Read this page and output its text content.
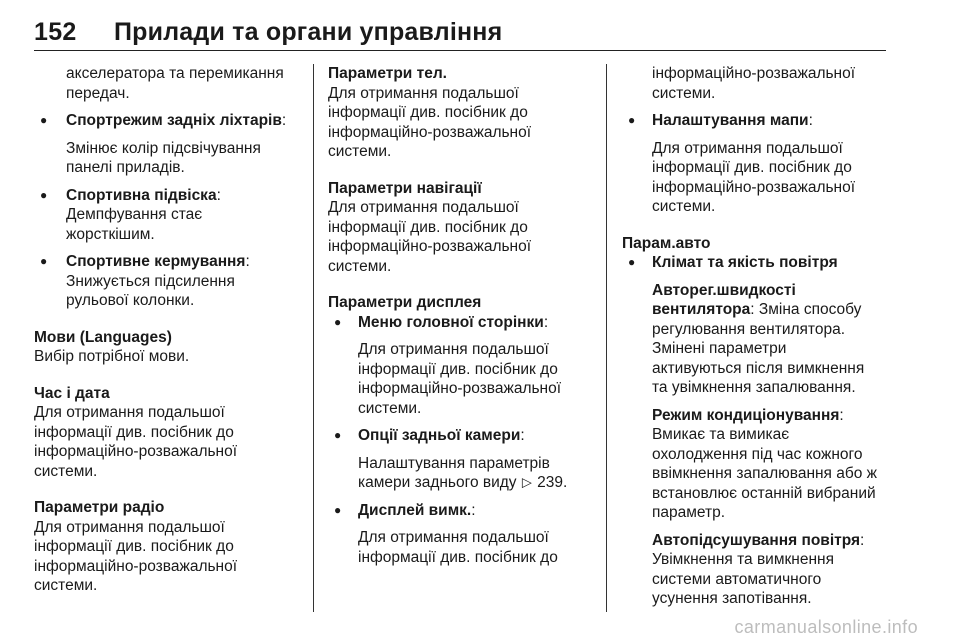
152 Прилади та органи управління

акселератора та перемикання

передач.

● Спортрежим задніх ліхтарів:

Змінює колір підсвічування

панелі приладів.

● Спортивна підвіска:

Демпфування стає

жорсткішим.

● Спортивне кермування:

Знижується підсилення

рульової колонки.

Мови (Languages)

Вибір потрібної мови.

Час і дата

Для отримання подальшої

інформації див. посібник до

інформаційно-розважальної

системи.

Параметри радіо

Для отримання подальшої

інформації див. посібник до

інформаційно-розважальної

системи.

Параметри тел.

Для отримання подальшої

інформації див. посібник до

інформаційно-розважальної

системи.

Параметри навігації

Для отримання подальшої

інформації див. посібник до

інформаційно-розважальної

системи.

Параметри дисплея

● Меню головної сторінки:

Для отримання подальшої

інформації див. посібник до

інформаційно-розважальної

системи.

● Опції задньої камери:

Налаштування параметрів

камери заднього виду ▷ 239.

● Дисплей вимк.:

Для отримання подальшої

інформації див. посібник до

інформаційно-розважальної

системи.

● Налаштування мапи:

Для отримання подальшої

інформації див. посібник до

інформаційно-розважальної

системи.

Парам.авто

● Клімат та якість повітря

Авторег.швидкості

вентилятора: Зміна способу

регулювання вентилятора.

Змінені параметри

активуються після вимкнення

та увімкнення запалювання.

Режим кондиціонування:

Вмикає та вимикає

охолодження під час кожного

ввімкнення запалювання або ж

встановлює останній вибраний

параметр.

Автопідсушування повітря:

Увімкнення та вимкнення

системи автоматичного

усунення запотівання.

carmanualsonline.info
